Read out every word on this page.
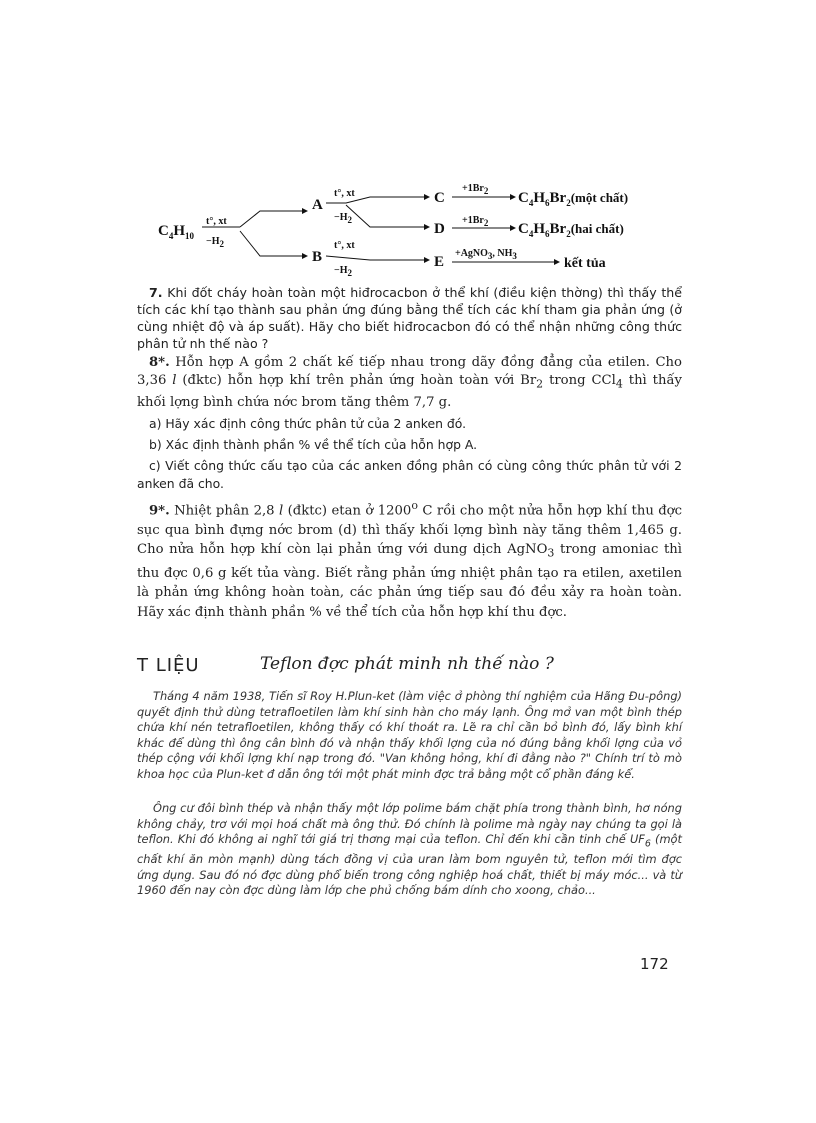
$C_4H_{10}$
t°, xt
−H2
A
B
t°, xt
−H2
t°, xt
−H2
C
D
E
+1Br2 $C_4H_6Br_2(một$ chất)
+1Br2 $C_4H_6Br_2(hai$ chất)
+AgNO3, NH3	kết tủa

7. Khi đốt cháy hoàn toàn một hiđrocacbon ở thể khí (điều kiện thờng) thì thấy thể tích các khí tạo thành sau phản ứng đúng bằng thể tích các khí tham gia phản ứng (ở cùng nhiệt độ và áp suất). Hãy cho biết hiđrocacbon đó có thể nhận những công thức phân tử nh thế nào ?

8*. Hỗn hợp A gồm 2 chất kế tiếp nhau trong dãy đồng đẳng của etilen. Cho 3,36 l (đktc) hỗn hợp khí trên phản ứng hoàn toàn với $Br_2$ trong CCl$_4$ thì thấy khối lợng bình chứa nớc brom tăng thêm 7,7 g.

a) Hãy xác định công thức phân tử của 2 anken đó.

b) Xác định thành phần % về thể tích của hỗn hợp A.

c) Viết công thức cấu tạo của các anken đồng phân có cùng công thức phân tử với 2 anken đã cho.

9*. Nhiệt phân 2,8 l (đktc) etan ở 1200$^o$ C rồi cho một nửa hỗn hợp khí thu đợc sục qua bình đựng nớc brom (d) thì thấy khối lợng bình này tăng thêm 1,465 g. Cho nửa hỗn hợp khí còn lại phản ứng với dung dịch AgNO$_3$ trong amoniac thì thu đợc 0,6 g kết tủa vàng. Biết rằng phản ứng nhiệt phân tạo ra etilen, axetilen là phản ứng không hoàn toàn, các phản ứng tiếp sau đó đều xảy ra hoàn toàn. Hãy xác định thành phần % về thể tích của hỗn hợp khí thu đợc.

T LIỆU	Teflon đợc phát minh nh thế nào ?

Tháng 4 năm 1938, Tiến sĩ Roy H.Plun-ket (làm việc ở phòng thí nghiệm của Hãng Đu-pông) quyết định thử dùng tetrafloetilen làm khí sinh hàn cho máy lạnh. Ông mở van một bình thép chứa khí nén tetrafloetilen, không thấy có khí thoát ra. Lẽ ra chỉ cần bỏ bình đó, lấy bình khí khác để dùng thì ông cân bình đó và nhận thấy khối lợng của nó đúng bằng khối lợng của vỏ thép cộng với khối lợng khí nạp trong đó. "Van không hỏng, khí đi đằng nào ?" Chính trí tò mò khoa học của Plun-ket đ dẫn ông tới một phát minh đợc trả bằng một cổ phần đáng kể.

Ông cư đôi bình thép và nhận thấy một lớp polime bám chặt phía trong thành bình, hơ nóng không chảy, trơ với mọi hoá chất mà ông thử. Đó chính là polime mà ngày nay chúng ta gọi là teflon. Khi đó không ai nghĩ tới giá trị thơng mại của teflon. Chỉ đến khi cần tinh chế $UF_6$ (một chất khí ăn mòn mạnh) dùng tách đồng vị của uran làm bom nguyên tử, teflon mới tìm đợc ứng dụng. Sau đó nó đợc dùng phổ biến trong công nghiệp hoá chất, thiết bị máy móc... và từ 1960 đến nay còn đợc dùng làm lớp che phủ chống bám dính cho xoong, chảo...

172
